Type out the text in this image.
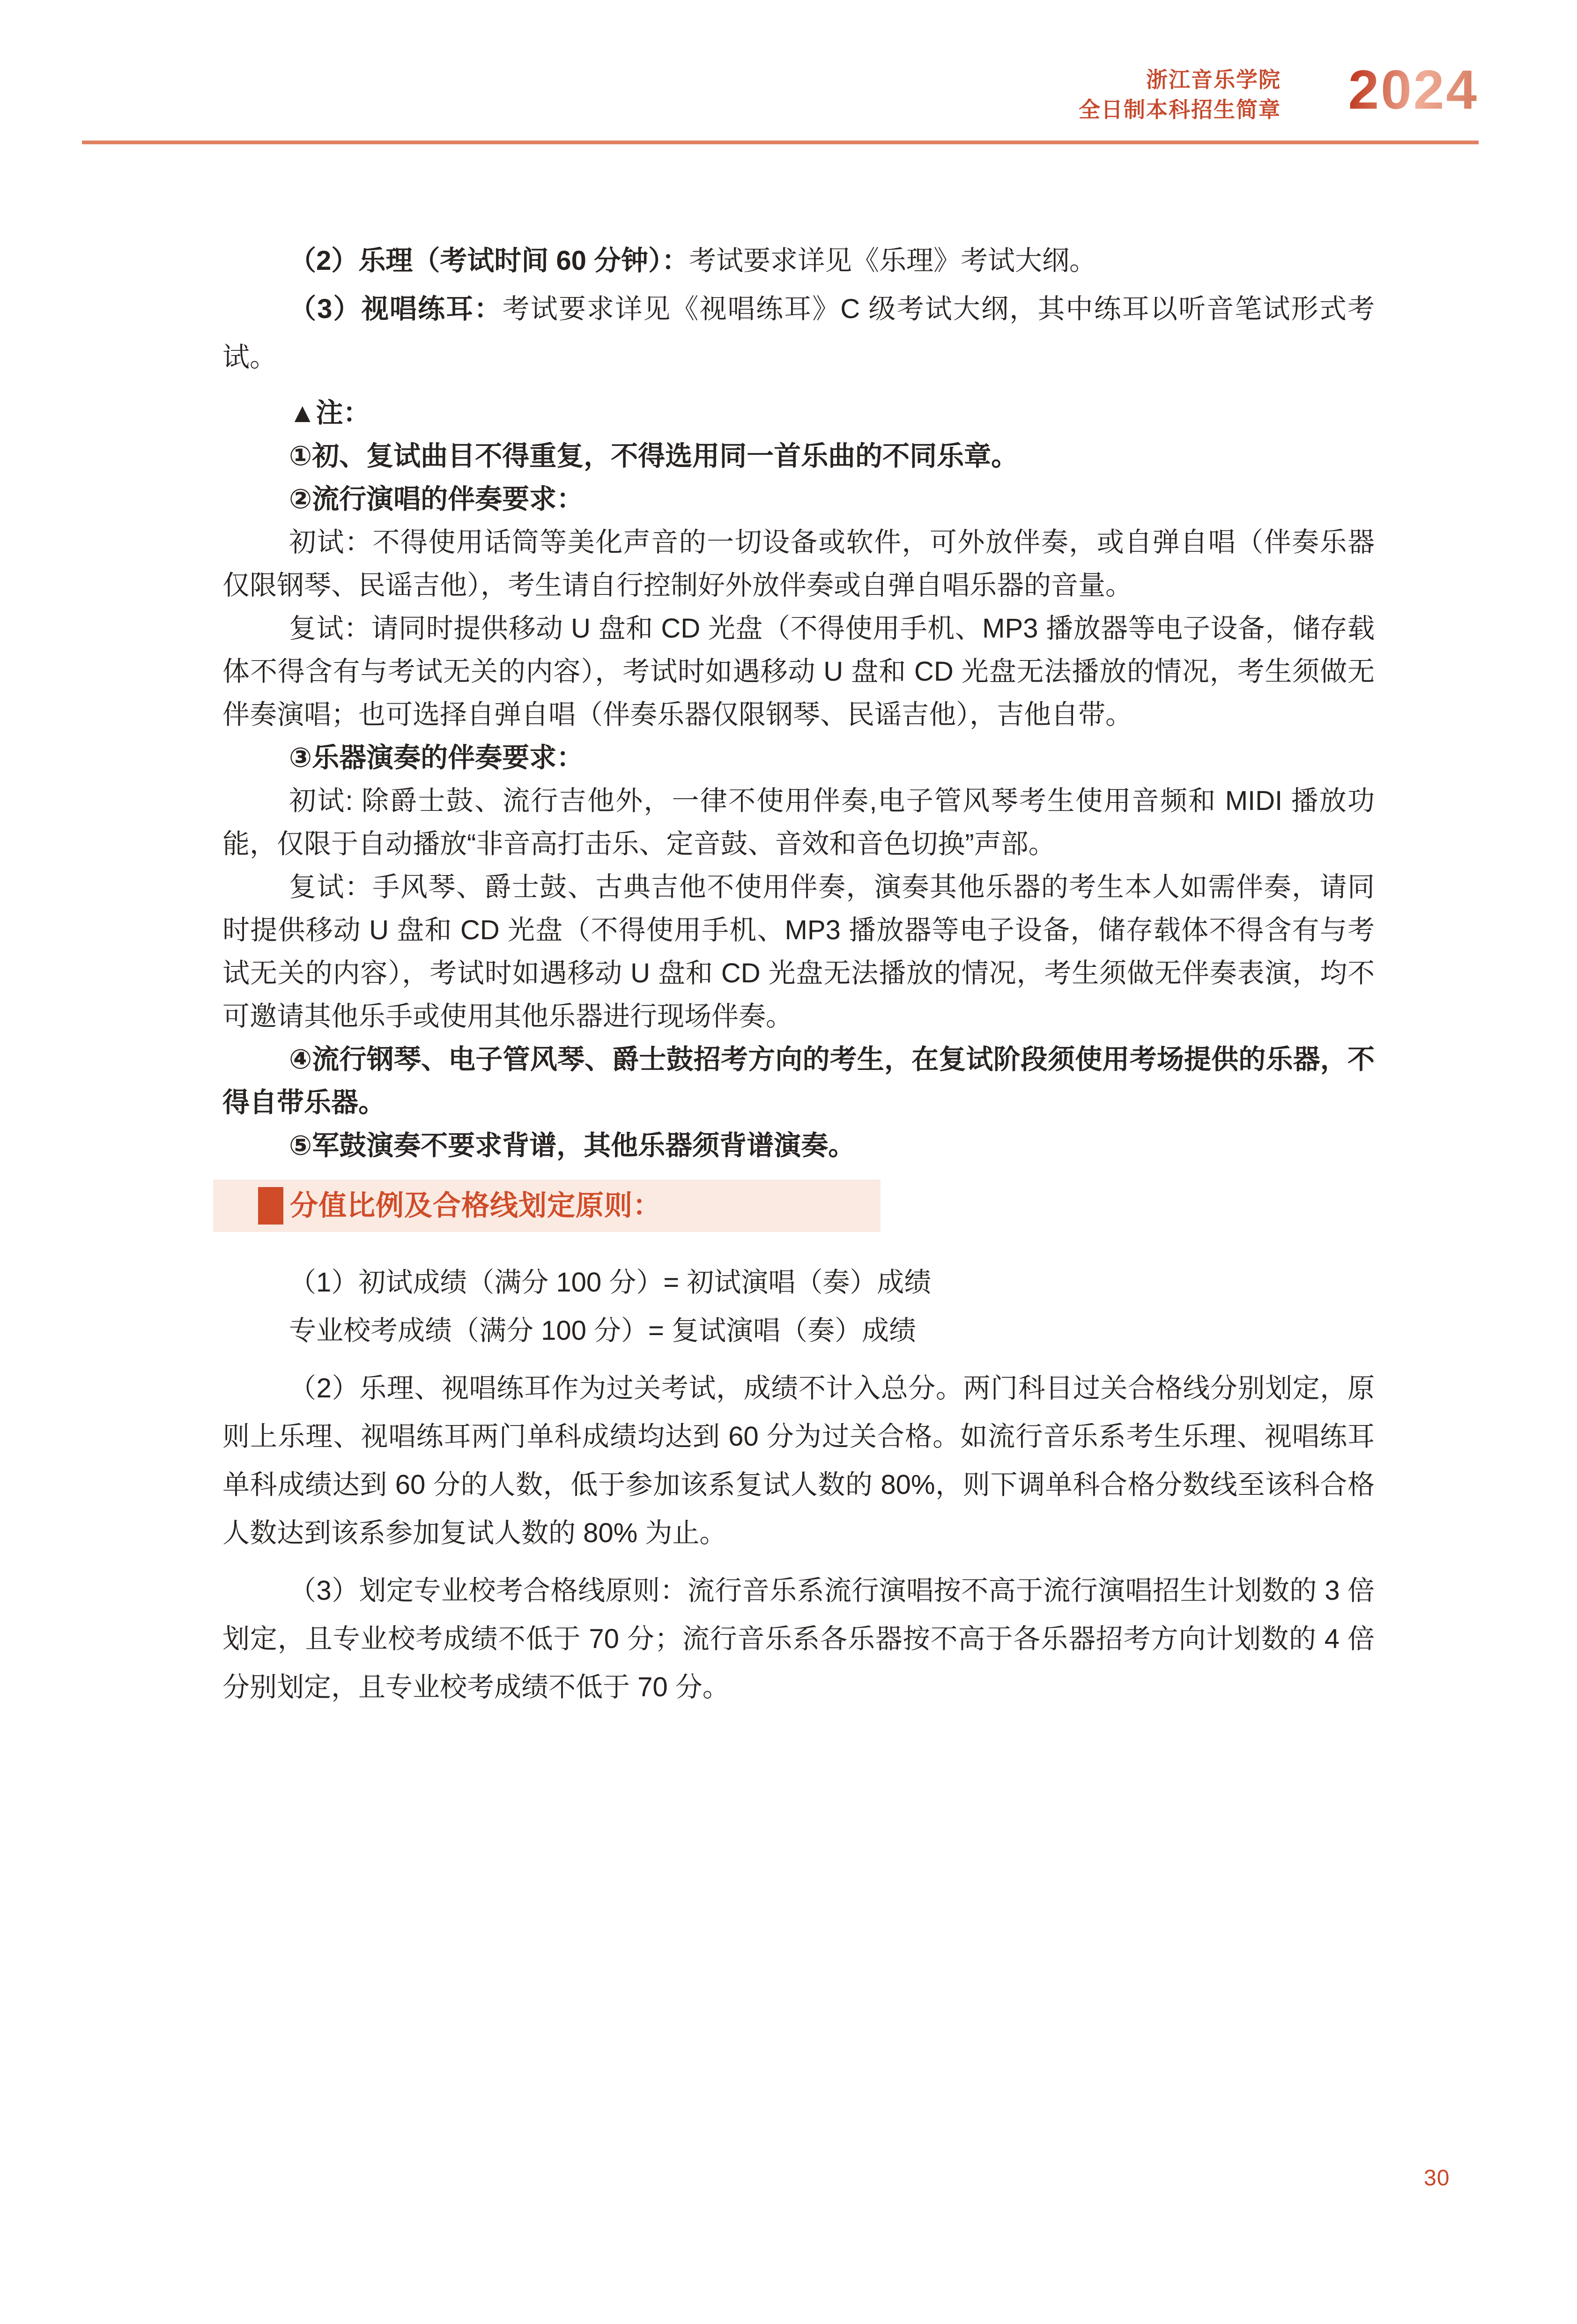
浙江音乐学院
全日制本科招生简章 2024

（2）乐理（考试时间 60 分钟）：考试要求详见《乐理》考试大纲。

（3）视唱练耳：考试要求详见《视唱练耳》C 级考试大纲，其中练耳以听音笔试形式考试。

▲注：

①初、复试曲目不得重复，不得选用同一首乐曲的不同乐章。

②流行演唱的伴奏要求：

初试：不得使用话筒等美化声音的一切设备或软件，可外放伴奏，或自弹自唱（伴奏乐器仅限钢琴、民谣吉他），考生请自行控制好外放伴奏或自弹自唱乐器的音量。

复试：请同时提供移动 U 盘和 CD 光盘（不得使用手机、MP3 播放器等电子设备，储存载体不得含有与考试无关的内容），考试时如遇移动 U 盘和 CD 光盘无法播放的情况，考生须做无伴奏演唱；也可选择自弹自唱（伴奏乐器仅限钢琴、民谣吉他），吉他自带。

③乐器演奏的伴奏要求：

初试: 除爵士鼓、流行吉他外，一律不使用伴奏,电子管风琴考生使用音频和 MIDI 播放功能，仅限于自动播放“非音高打击乐、定音鼓、音效和音色切换”声部。

复试：手风琴、爵士鼓、古典吉他不使用伴奏，演奏其他乐器的考生本人如需伴奏，请同时提供移动 U 盘和 CD 光盘（不得使用手机、MP3 播放器等电子设备，储存载体不得含有与考试无关的内容），考试时如遇移动 U 盘和 CD 光盘无法播放的情况，考生须做无伴奏表演，均不可邀请其他乐手或使用其他乐器进行现场伴奏。

④流行钢琴、电子管风琴、爵士鼓招考方向的考生，在复试阶段须使用考场提供的乐器，不得自带乐器。

⑤军鼓演奏不要求背谱，其他乐器须背谱演奏。

分值比例及合格线划定原则：

（1）初试成绩（满分 100 分）= 初试演唱（奏）成绩

专业校考成绩（满分 100 分）= 复试演唱（奏）成绩

（2）乐理、视唱练耳作为过关考试，成绩不计入总分。两门科目过关合格线分别划定，原则上乐理、视唱练耳两门单科成绩均达到 60 分为过关合格。如流行音乐系考生乐理、视唱练耳单科成绩达到 60 分的人数，低于参加该系复试人数的 80%，则下调单科合格分数线至该科合格人数达到该系参加复试人数的 80% 为止。

（3）划定专业校考合格线原则：流行音乐系流行演唱按不高于流行演唱招生计划数的 3 倍划定，且专业校考成绩不低于 70 分；流行音乐系各乐器按不高于各乐器招考方向计划数的 4 倍分别划定，且专业校考成绩不低于 70 分。

30
